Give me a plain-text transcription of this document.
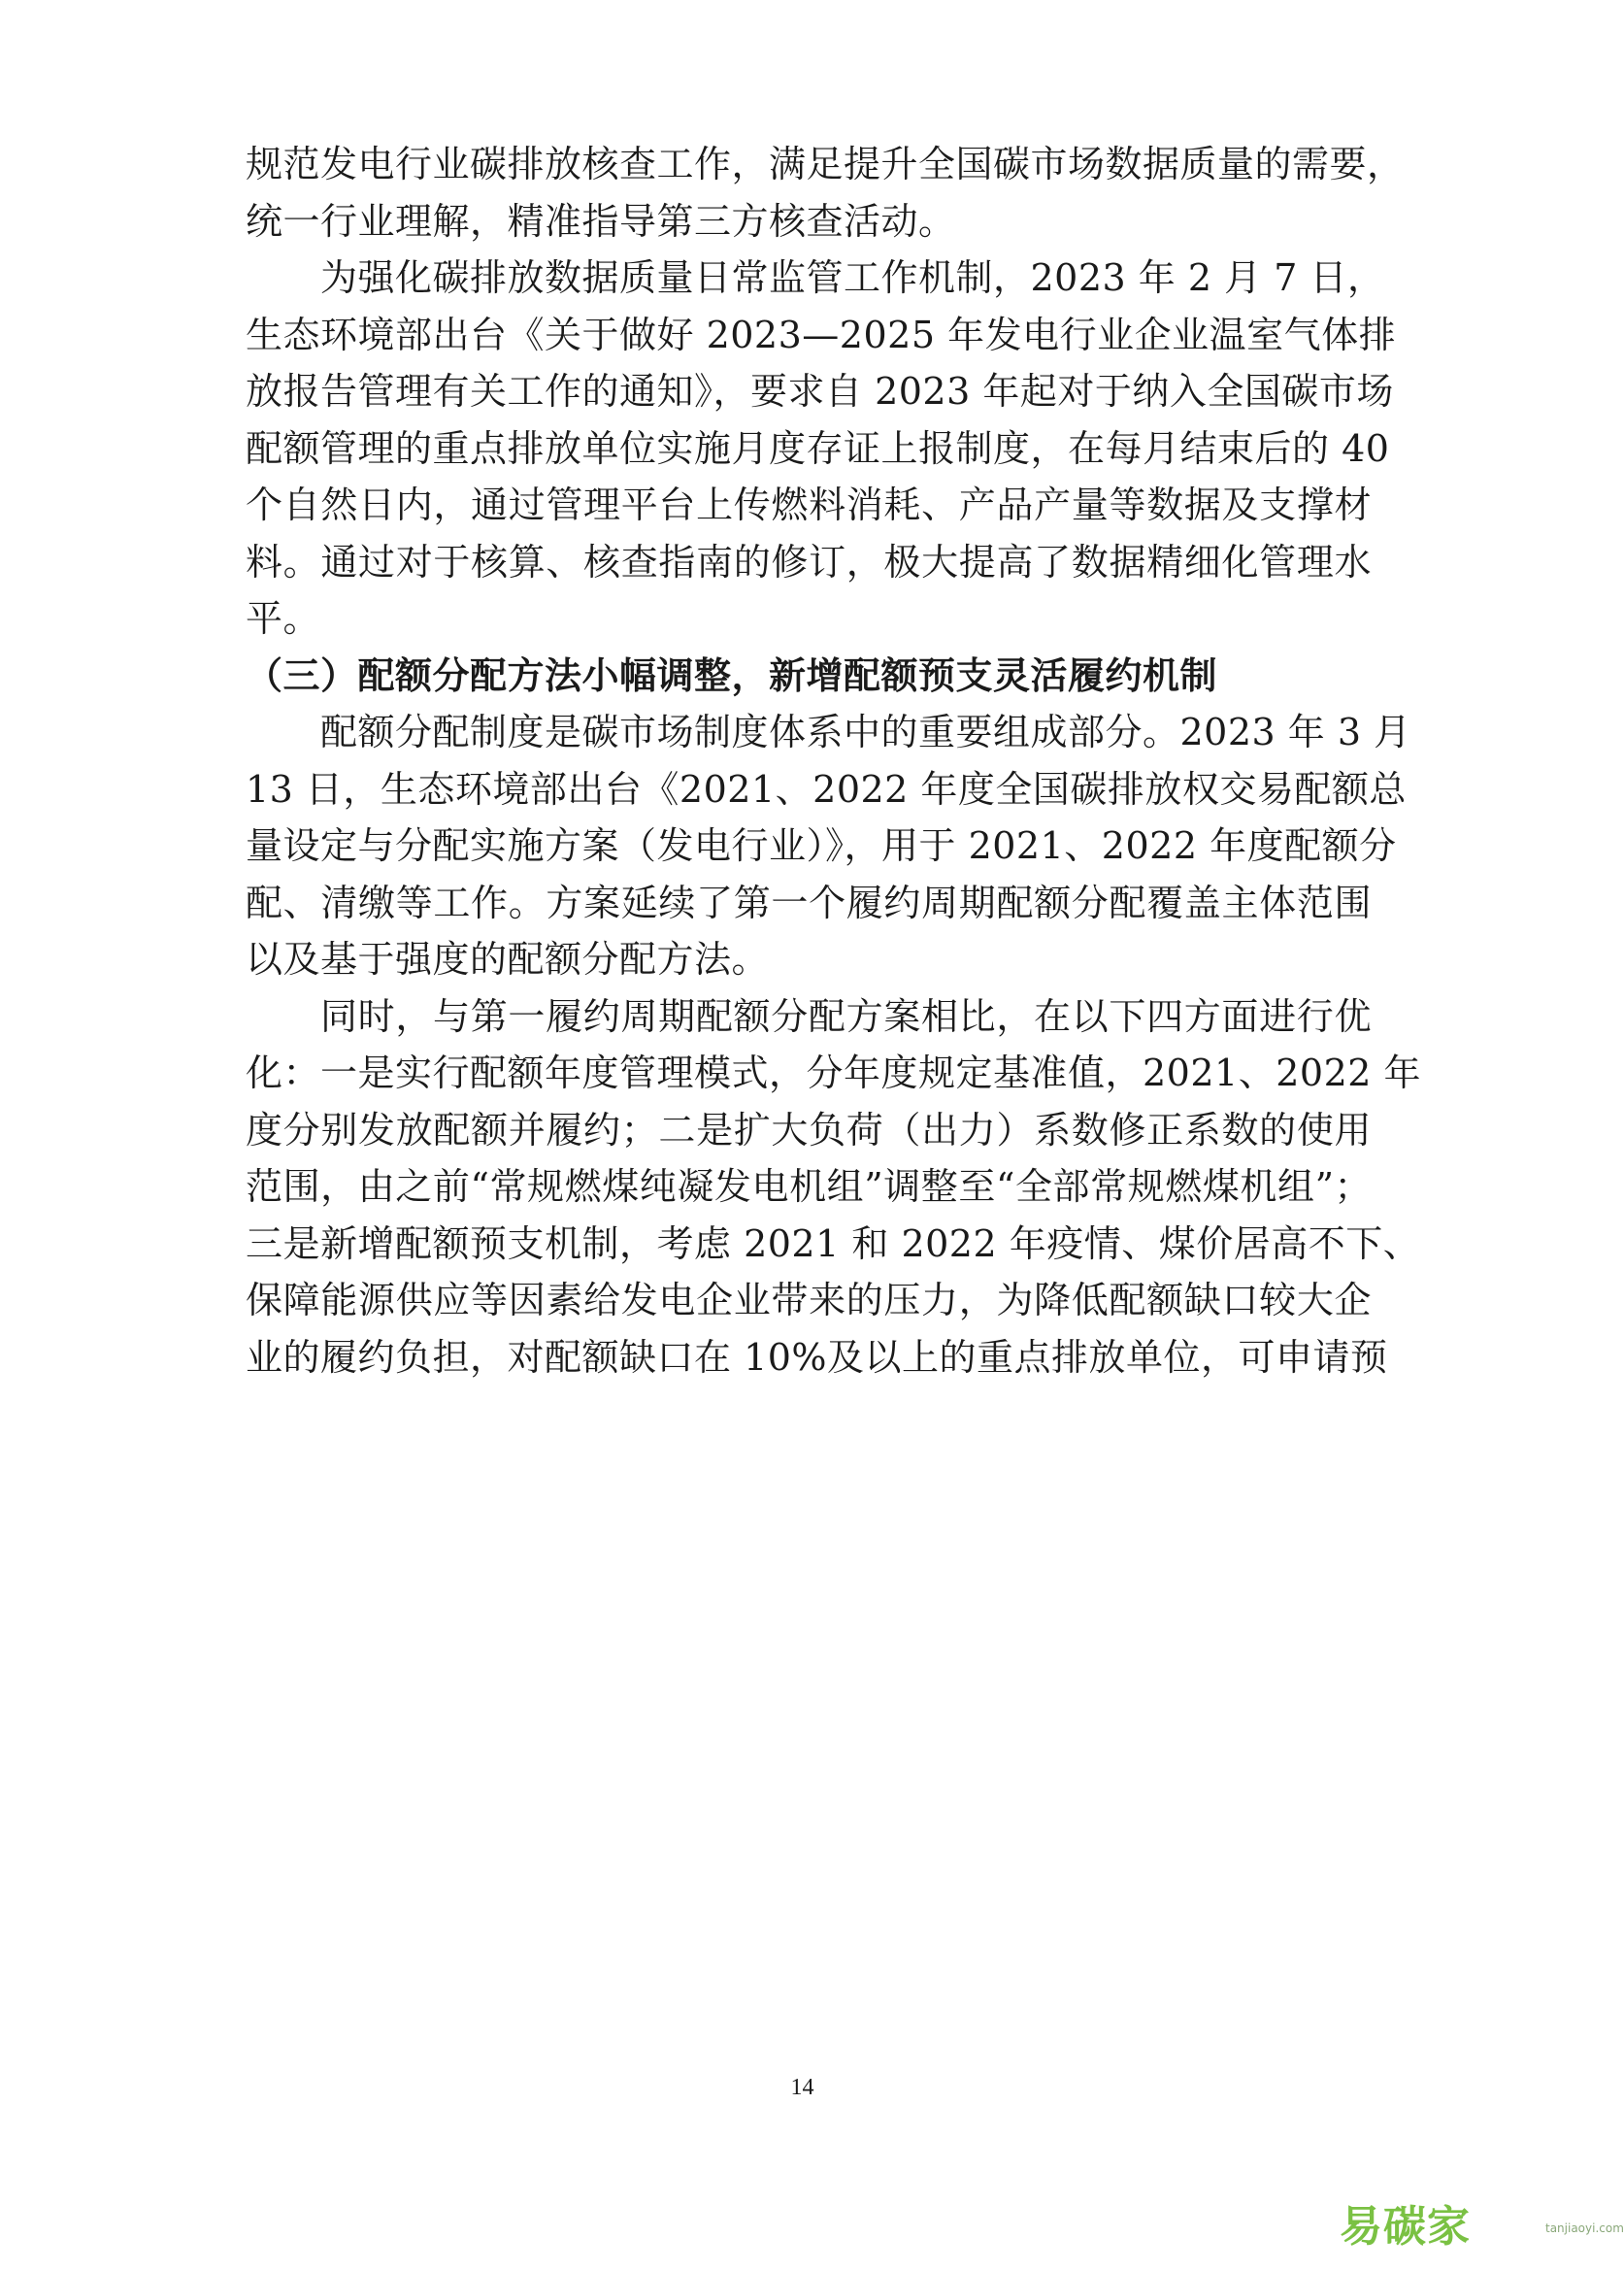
规范发电行业碳排放核查工作，满足提升全国碳市场数据质量的需要，
统一行业理解，精准指导第三方核查活动。
为强化碳排放数据质量日常监管工作机制，2023 年 2 月 7 日，
生态环境部出台《关于做好 2023—2025 年发电行业企业温室气体排
放报告管理有关工作的通知》，要求自 2023 年起对于纳入全国碳市场
配额管理的重点排放单位实施月度存证上报制度，在每月结束后的 40
个自然日内，通过管理平台上传燃料消耗、产品产量等数据及支撑材
料。通过对于核算、核查指南的修订，极大提高了数据精细化管理水
平。
（三）配额分配方法小幅调整，新增配额预支灵活履约机制
配额分配制度是碳市场制度体系中的重要组成部分。2023 年 3 月
13 日，生态环境部出台《2021、2022 年度全国碳排放权交易配额总
量设定与分配实施方案（发电行业）》，用于 2021、2022 年度配额分
配、清缴等工作。方案延续了第一个履约周期配额分配覆盖主体范围
以及基于强度的配额分配方法。
同时，与第一履约周期配额分配方案相比，在以下四方面进行优
化：一是实行配额年度管理模式，分年度规定基准值，2021、2022 年
度分别发放配额并履约；二是扩大负荷（出力）系数修正系数的使用
范围，由之前“常规燃煤纯凝发电机组”调整至“全部常规燃煤机组”；
三是新增配额预支机制，考虑 2021 和 2022 年疫情、煤价居高不下、
保障能源供应等因素给发电企业带来的压力，为降低配额缺口较大企
业的履约负担，对配额缺口在 10%及以上的重点排放单位，可申请预
14
易碳家	tanjiaoyi.com
